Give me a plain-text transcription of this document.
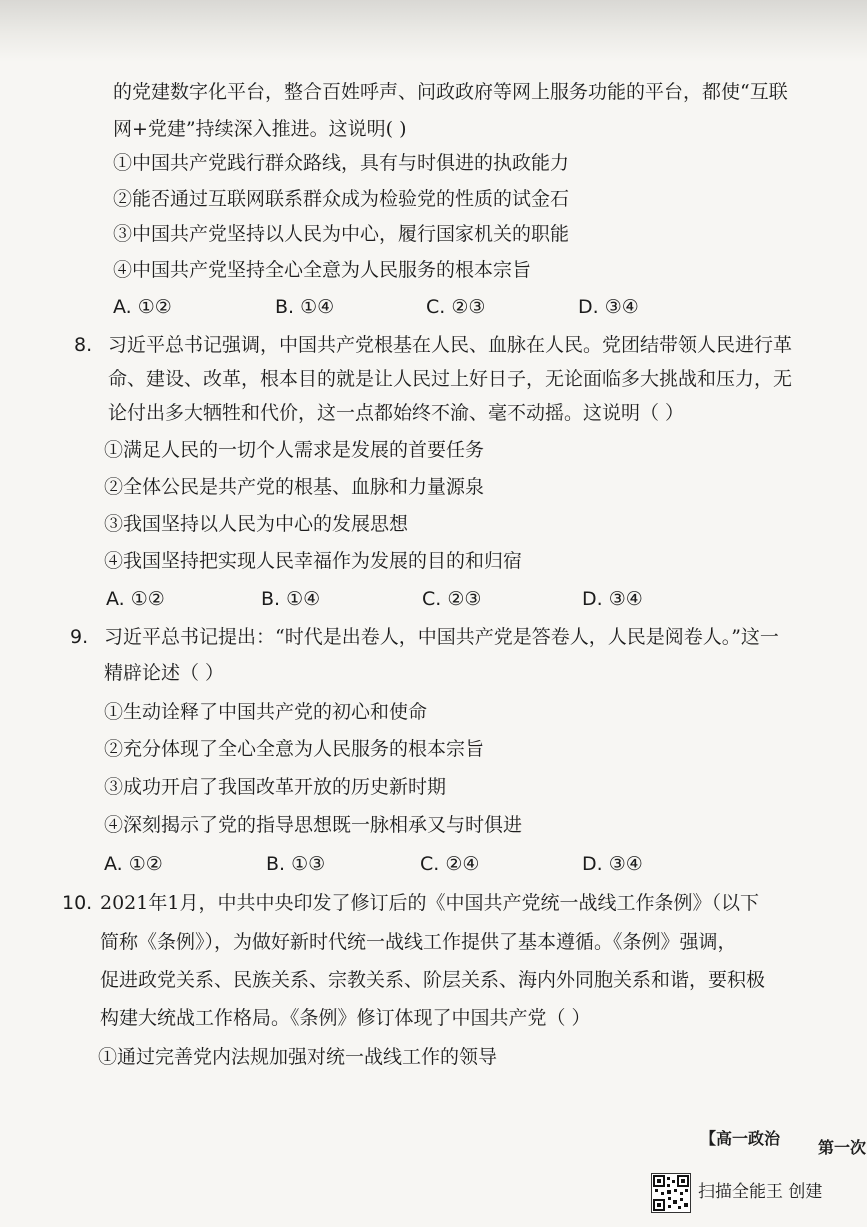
的党建数字化平台，整合百姓呼声、问政政府等网上服务功能的平台，都使“互联
网+党建”持续深入推进。这说明( )
①中国共产党践行群众路线，具有与时俱进的执政能力
②能否通过互联网联系群众成为检验党的性质的试金石
③中国共产党坚持以人民为中心，履行国家机关的职能
④中国共产党坚持全心全意为人民服务的根本宗旨
A. ①②	B. ①④	C. ②③	D. ③④
8. 习近平总书记强调，中国共产党根基在人民、血脉在人民。党团结带领人民进行革
命、建设、改革，根本目的就是让人民过上好日子，无论面临多大挑战和压力，无
论付出多大牺牲和代价，这一点都始终不渝、毫不动摇。这说明（ ）
①满足人民的一切个人需求是发展的首要任务
②全体公民是共产党的根基、血脉和力量源泉
③我国坚持以人民为中心的发展思想
④我国坚持把实现人民幸福作为发展的目的和归宿
A. ①②	B. ①④	C. ②③	D. ③④
9. 习近平总书记提出：“时代是出卷人，中国共产党是答卷人，人民是阅卷人。”这一
精辟论述（ ）
①生动诠释了中国共产党的初心和使命
②充分体现了全心全意为人民服务的根本宗旨
③成功开启了我国改革开放的历史新时期
④深刻揭示了党的指导思想既一脉相承又与时俱进
A. ①②	B. ①③	C. ②④	D. ③④
10. 2021年1月，中共中央印发了修订后的《中国共产党统一战线工作条例》（以下
简称《条例》），为做好新时代统一战线工作提供了基本遵循。《条例》强调，
促进政党关系、民族关系、宗教关系、阶层关系、海内外同胞关系和谐，要积极
构建大统战工作格局。《条例》修订体现了中国共产党（ ）
①通过完善党内法规加强对统一战线工作的领导
【高一政治 第一次
扫描全能王 创建
